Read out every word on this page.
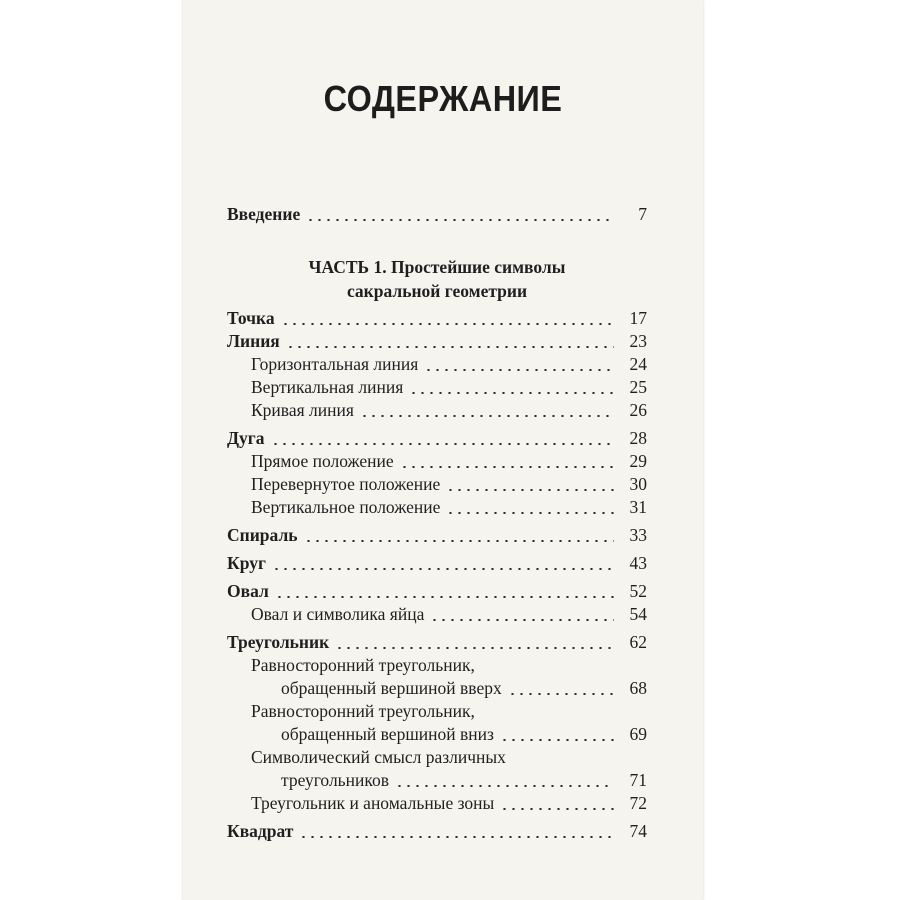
СОДЕРЖАНИЕ
Введение	7
ЧАСТЬ 1. Простейшие символы
сакральной геометрии
Точка	17
Линия	23
Горизонтальная линия	24
Вертикальная линия	25
Кривая линия	26
Дуга	28
Прямое положение	29
Перевернутое положение	30
Вертикальное положение	31
Спираль	33
Круг	43
Овал	52
Овал и символика яйца	54
Треугольник	62
Равносторонний треугольник,
обращенный вершиной вверх	68
Равносторонний треугольник,
обращенный вершиной вниз	69
Символический смысл различных
треугольников	71
Треугольник и аномальные зоны	72
Квадрат	74
